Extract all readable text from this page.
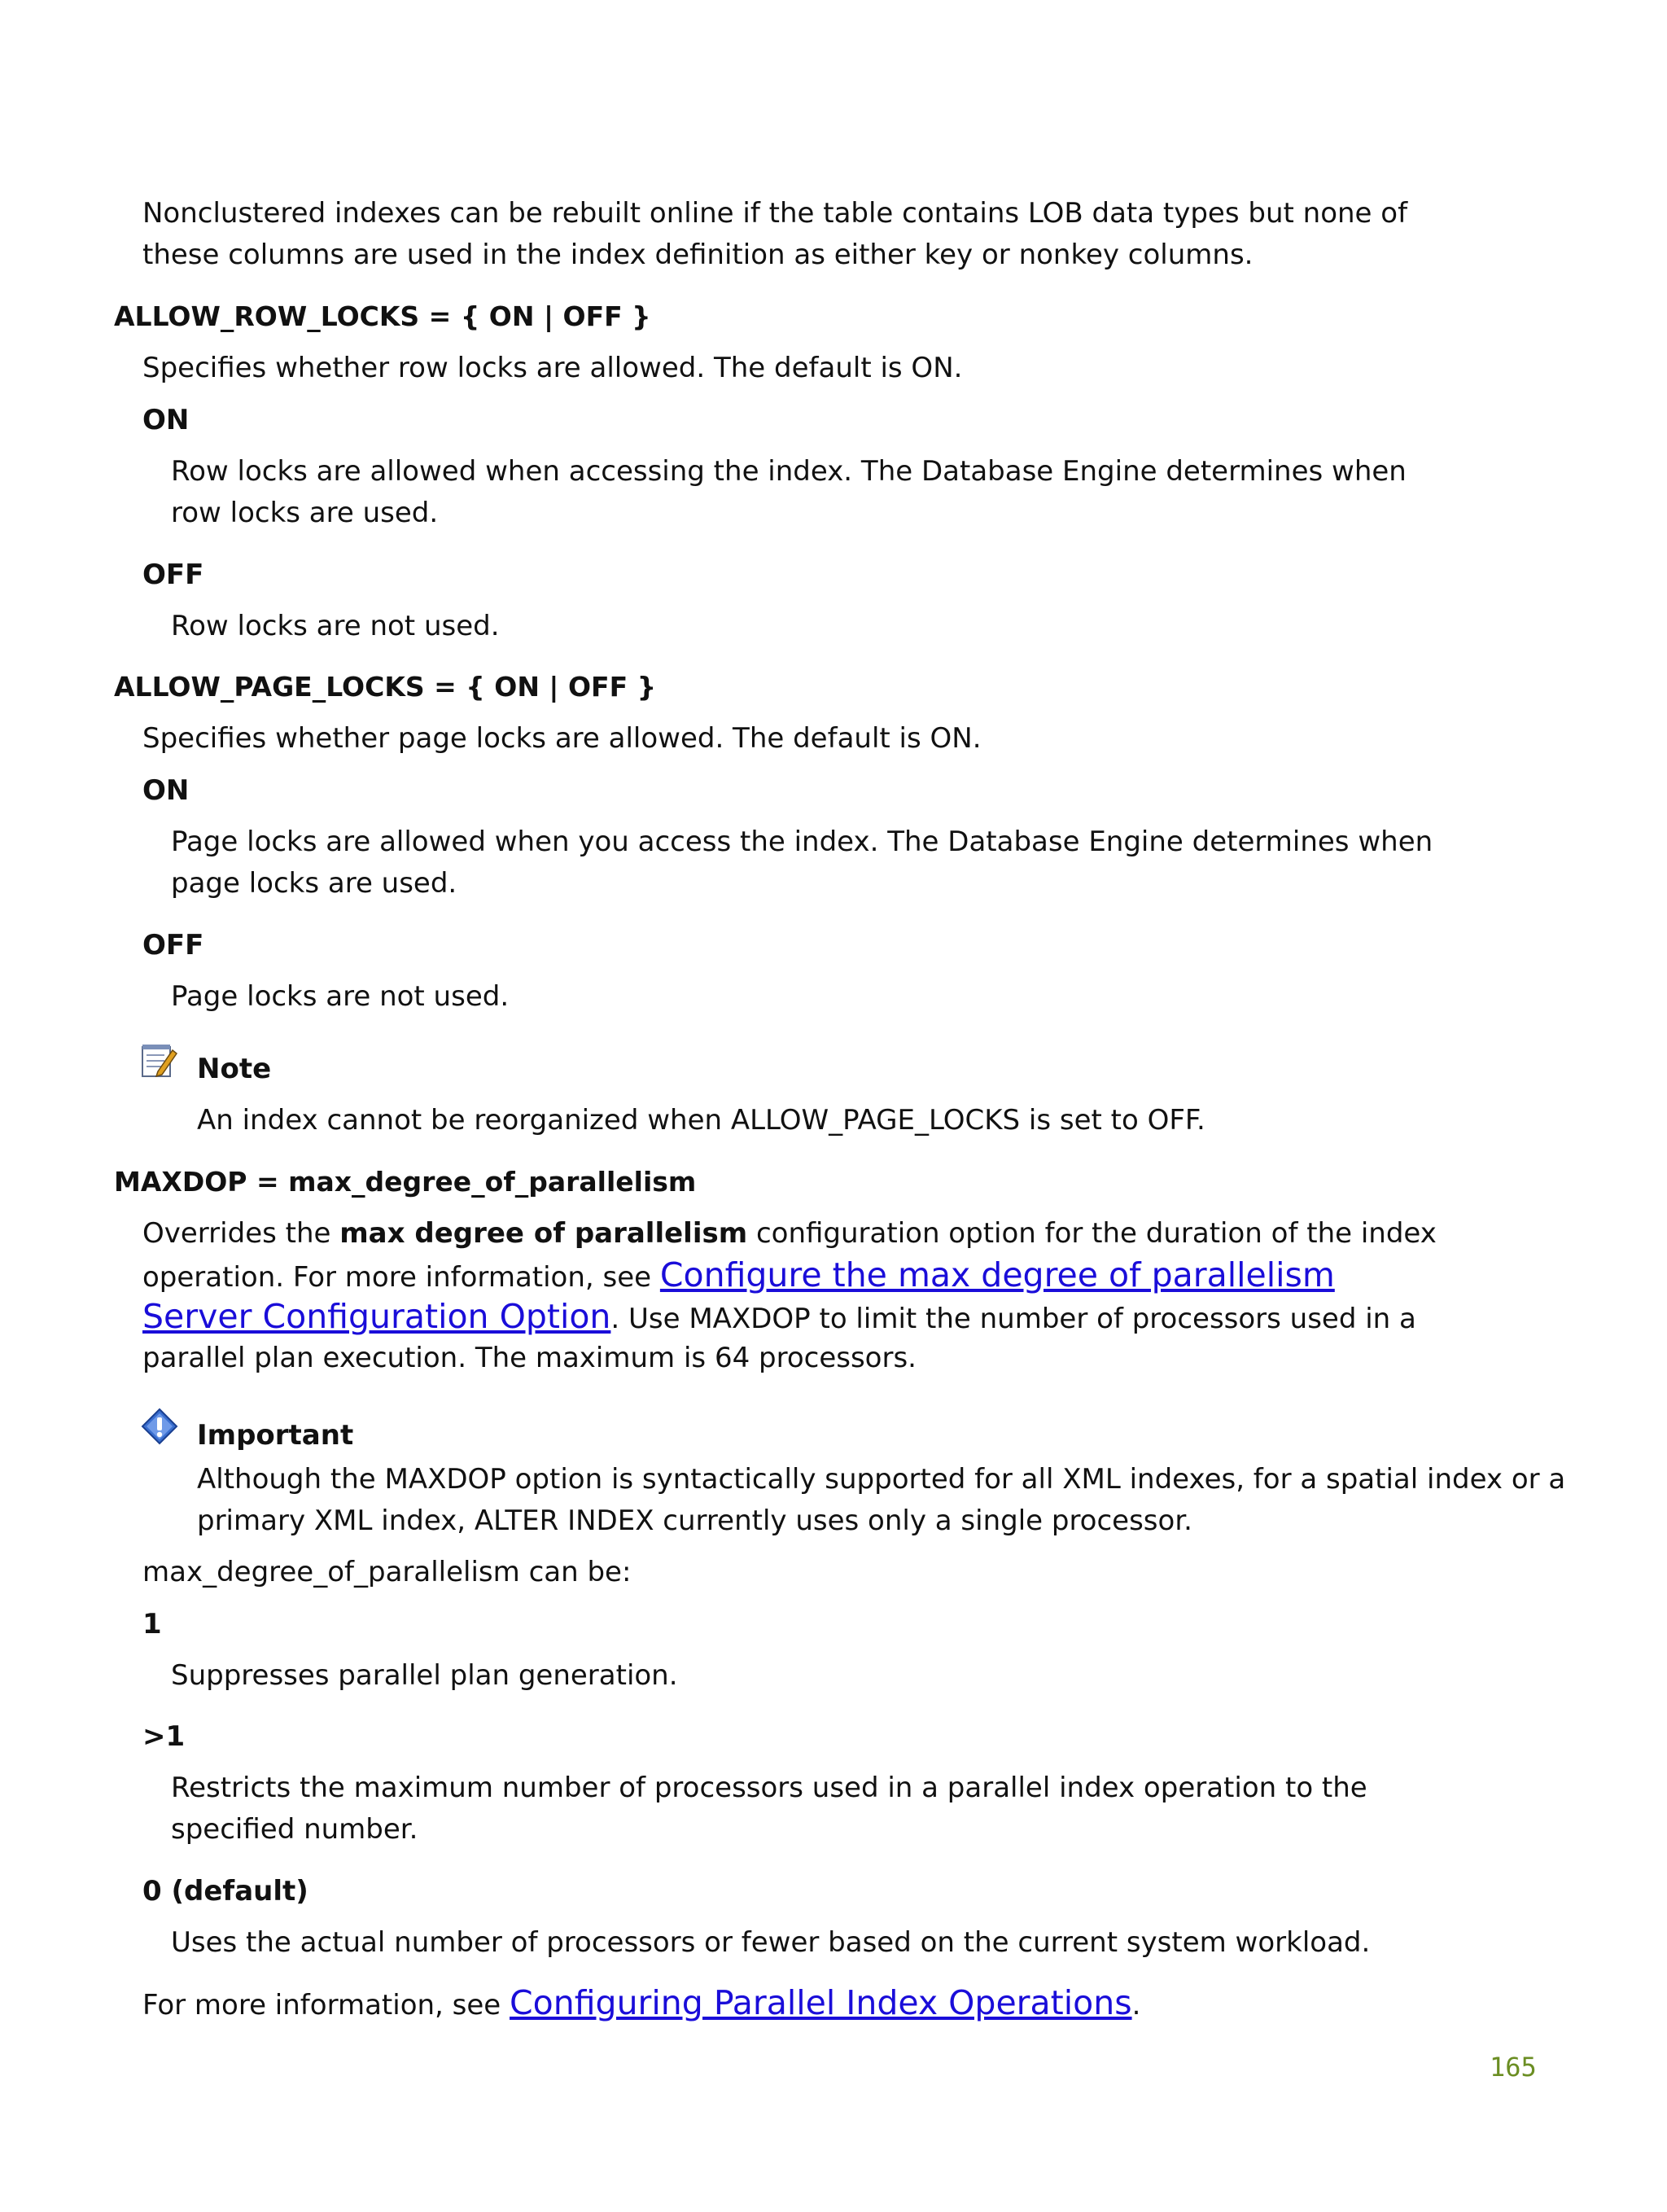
Nonclustered indexes can be rebuilt online if the table contains LOB data types but none of
these columns are used in the index definition as either key or nonkey columns.
ALLOW_ROW_LOCKS = { ON | OFF }
Specifies whether row locks are allowed. The default is ON.
ON
Row locks are allowed when accessing the index. The Database Engine determines when
row locks are used.
OFF
Row locks are not used.
ALLOW_PAGE_LOCKS = { ON | OFF }
Specifies whether page locks are allowed. The default is ON.
ON
Page locks are allowed when you access the index. The Database Engine determines when
page locks are used.
OFF
Page locks are not used.
Note
An index cannot be reorganized when ALLOW_PAGE_LOCKS is set to OFF.
MAXDOP = max_degree_of_parallelism
Overrides the max degree of parallelism configuration option for the duration of the index
operation. For more information, see Configure the max degree of parallelism
Server Configuration Option. Use MAXDOP to limit the number of processors used in a
parallel plan execution. The maximum is 64 processors.
Important
Although the MAXDOP option is syntactically supported for all XML indexes, for a spatial index or a
primary XML index, ALTER INDEX currently uses only a single processor.
max_degree_of_parallelism can be:
1
Suppresses parallel plan generation.
>1
Restricts the maximum number of processors used in a parallel index operation to the
specified number.
0 (default)
Uses the actual number of processors or fewer based on the current system workload.
For more information, see Configuring Parallel Index Operations.
165
